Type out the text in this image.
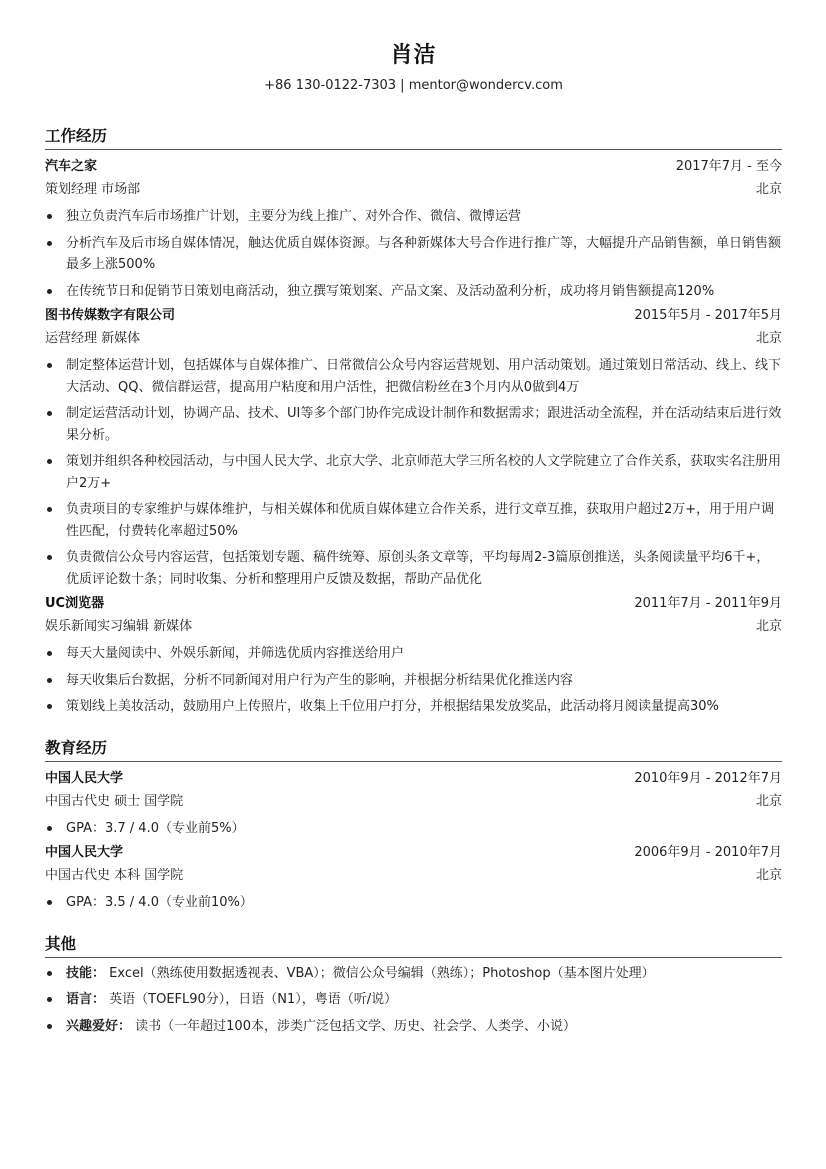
肖洁
+86 130-0122-7303 | mentor@wondercv.com
工作经历
汽车之家	2017年7月 - 至今
策划经理 市场部	北京
独立负责汽车后市场推广计划，主要分为线上推广、对外合作、微信、微博运营
分析汽车及后市场自媒体情况，触达优质自媒体资源。与各种新媒体大号合作进行推广等，大幅提升产品销售额，单日销售额最多上涨500%
在传统节日和促销节日策划电商活动，独立撰写策划案、产品文案、及活动盈利分析，成功将月销售额提高120%
图书传媒数字有限公司	2015年5月 - 2017年5月
运营经理 新媒体	北京
制定整体运营计划，包括媒体与自媒体推广、日常微信公众号内容运营规划、用户活动策划。通过策划日常活动、线上、线下大活动、QQ、微信群运营，提高用户粘度和用户活性，把微信粉丝在3个月内从0做到4万
制定运营活动计划，协调产品、技术、UI等多个部门协作完成设计制作和数据需求；跟进活动全流程，并在活动结束后进行效果分析。
策划并组织各种校园活动，与中国人民大学、北京大学、北京师范大学三所名校的人文学院建立了合作关系，获取实名注册用户2万+
负责项目的专家维护与媒体维护，与相关媒体和优质自媒体建立合作关系，进行文章互推，获取用户超过2万+，用于用户调性匹配，付费转化率超过50%
负责微信公众号内容运营，包括策划专题、稿件统筹、原创头条文章等，平均每周2-3篇原创推送，头条阅读量平均6千+，优质评论数十条；同时收集、分析和整理用户反馈及数据，帮助产品优化
UC浏览器	2011年7月 - 2011年9月
娱乐新闻实习编辑 新媒体	北京
每天大量阅读中、外娱乐新闻，并筛选优质内容推送给用户
每天收集后台数据，分析不同新闻对用户行为产生的影响，并根据分析结果优化推送内容
策划线上美妆活动，鼓励用户上传照片，收集上千位用户打分，并根据结果发放奖品，此活动将月阅读量提高30%
教育经历
中国人民大学	2010年9月 - 2012年7月
中国古代史 硕士 国学院	北京
GPA：3.7 / 4.0（专业前5%）
中国人民大学	2006年9月 - 2010年7月
中国古代史 本科 国学院	北京
GPA：3.5 / 4.0（专业前10%）
其他
技能： Excel（熟练使用数据透视表、VBA）；微信公众号编辑（熟练）；Photoshop（基本图片处理）
语言： 英语（TOEFL90分），日语（N1），粤语（听/说）
兴趣爱好： 读书（一年超过100本，涉类广泛包括文学、历史、社会学、人类学、小说）
